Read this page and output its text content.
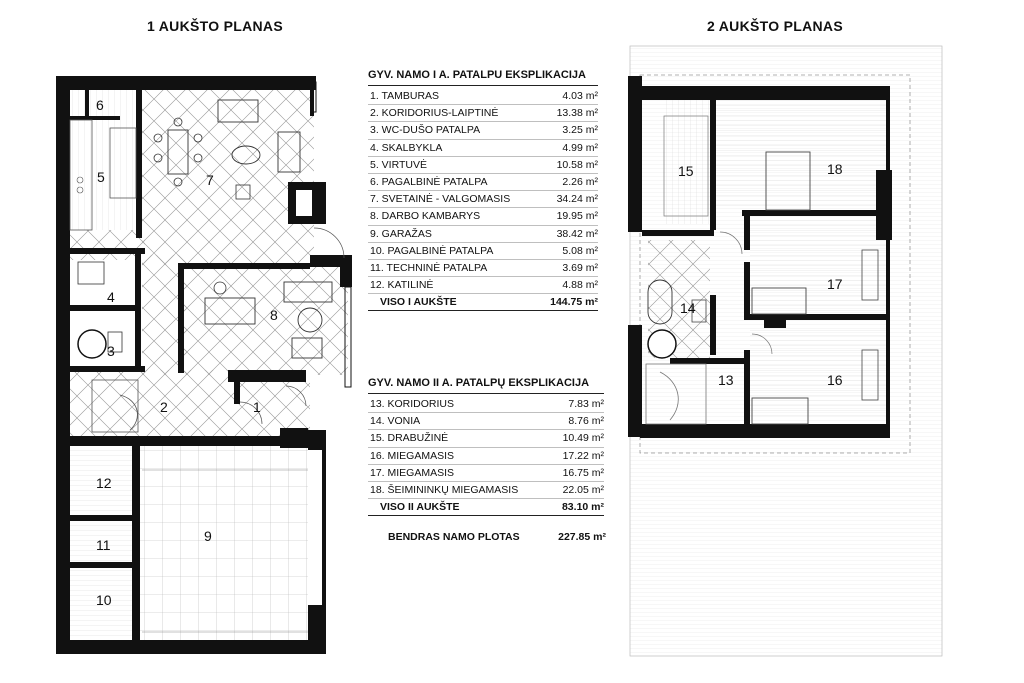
1 AUKŠTO PLANAS	2 AUKŠTO PLANAS
1
2
3
4
5
6
7
8
9
10
11
12
13
14
15
16
17
18
GYV. NAMO I A. PATALPU EKSPLIKACIJA
1. TAMBURAS	4.03 m²
2. KORIDORIUS-LAIPTINĖ	13.38 m²
3. WC-DUŠO PATALPA	3.25 m²
4. SKALBYKLA	4.99 m²
5. VIRTUVĖ	10.58 m²
6. PAGALBINĖ PATALPA	2.26 m²
7. SVETAINĖ - VALGOMASIS	34.24 m²
8. DARBO KAMBARYS	19.95 m²
9. GARAŽAS	38.42 m²
10. PAGALBINĖ PATALPA	5.08 m²
11. TECHNINĖ PATALPA	3.69 m²
12. KATILINĖ	4.88 m²
VISO I AUKŠTE	144.75 m²
GYV. NAMO II A. PATALPŲ EKSPLIKACIJA
13. KORIDORIUS	7.83 m²
14. VONIA	8.76 m²
15. DRABUŽINĖ	10.49 m²
16. MIEGAMASIS	17.22 m²
17. MIEGAMASIS	16.75 m²
18. ŠEIMININKŲ MIEGAMASIS	22.05 m²
VISO II AUKŠTE	83.10 m²
BENDRAS NAMO PLOTAS	227.85 m²
